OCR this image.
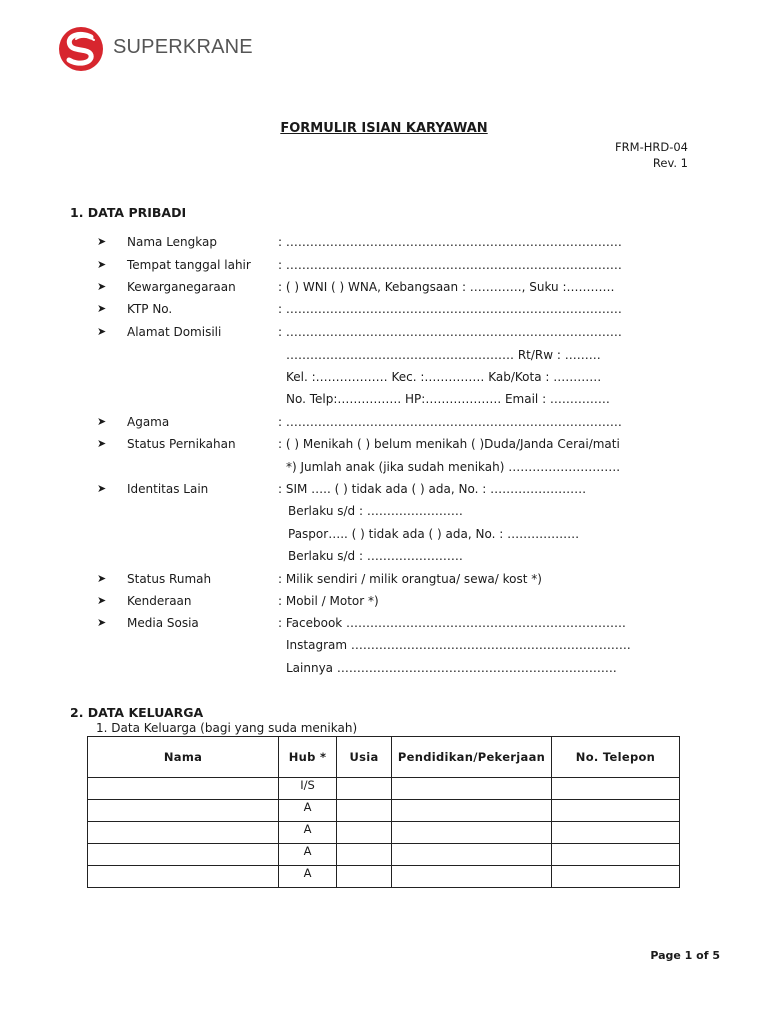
SUPERKRANE
FORMULIR ISIAN KARYAWAN
FRM-HRD-04
Rev. 1
1. DATA PRIBADI
➤ Nama Lengkap	: …………………………………………………………………………
➤ Tempat tanggal lahir : …………………………………………………………………………
➤ Kewarganegaraan	: ( ) WNI ( ) WNA, Kebangsaan : …………., Suku :…………
➤ KTP No.	: …………………………………………………………………………
➤ Alamat Domisili	: …………………………………………………………………………
………………………………………………… Rt/Rw : ………
Kel. :……………… Kec. :…………… Kab/Kota : …………
No. Telp:……………. HP:………………. Email : ……………
➤ Agama	: …………………………………………………………………………
➤ Status Pernikahan	: ( ) Menikah ( ) belum menikah ( )Duda/Janda Cerai/mati
*) Jumlah anak (jika sudah menikah) ……………………….
➤ Identitas Lain	: SIM ….. ( ) tidak ada ( ) ada, No. : ……………………
Berlaku s/d : ……………………
Paspor….. ( ) tidak ada ( ) ada, No. : ………………
Berlaku s/d : ……………………
➤ Status Rumah	: Milik sendiri / milik orangtua/ sewa/ kost *)
➤ Kenderaan	: Mobil / Motor *)
➤ Media Sosia	: Facebook …………………………………………………………….
Instagram …………………………………………………………….
Lainnya …………………………………………………………….
2. DATA KELUARGA
1. Data Keluarga (bagi yang suda menikah)
Nama	Hub *	Usia	Pendidikan/Pekerjaan	No. Telepon
	I/S			
	A			
	A			
	A			
	A			
Page 1 of 5
